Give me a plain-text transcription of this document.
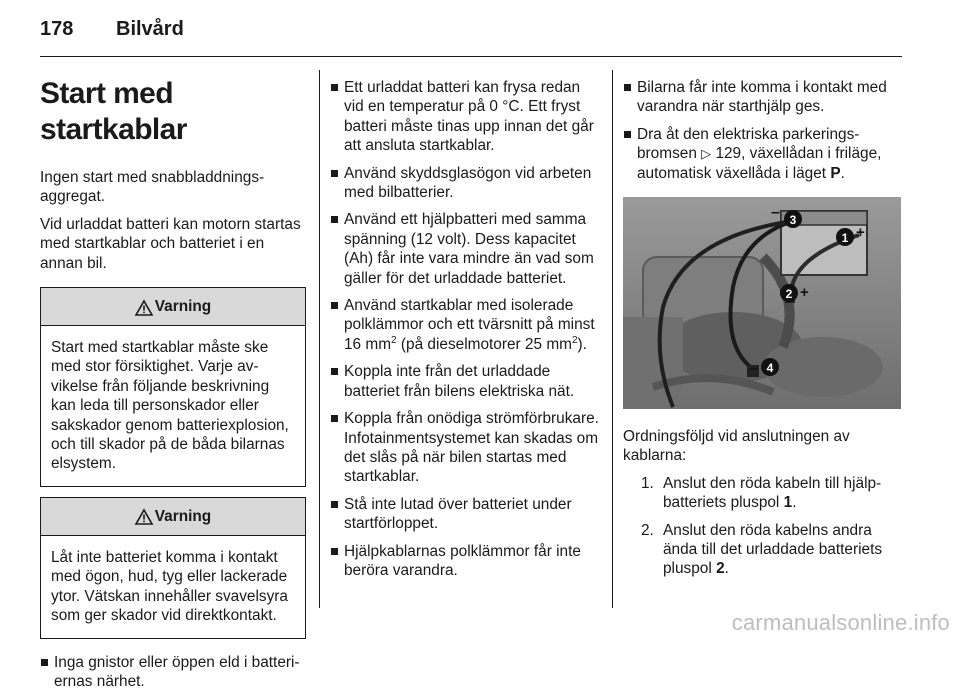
178	Bilvård
Start med startkablar
Ingen start med snabbladdningsaggregat.
Vid urladdat batteri kan motorn startas med startkablar och batteriet i en annan bil.
Varning
Start med startkablar måste ske med stor försiktighet. Varje avvikelse från följande beskrivning kan leda till personskador eller sakskador genom batteriexplosion, och till skador på de båda bilarnas elsystem.
Varning
Låt inte batteriet komma i kontakt med ögon, hud, tyg eller lackerade ytor. Vätskan innehåller svavelsyra som ger skador vid direktkontakt.
Inga gnistor eller öppen eld i batteriernas närhet.
Ett urladdat batteri kan frysa redan vid en temperatur på 0 °C. Ett fryst batteri måste tinas upp innan det går att ansluta startkablar.
Använd skyddsglasögon vid arbeten med bilbatterier.
Använd ett hjälpbatteri med samma spänning (12 volt). Dess kapacitet (Ah) får inte vara mindre än vad som gäller för det urladdade batteriet.
Använd startkablar med isolerade polklämmor och ett tvärsnitt på minst 16 $mm^2$ (på dieselmotorer 25 $mm^2$).
Koppla inte från det urladdade batteriet från bilens elektriska nät.
Koppla från onödiga strömförbrukare. Infotainmentsystemet kan skadas om det slås på när bilen startas med startkablar.
Stå inte lutad över batteriet under startförloppet.
Hjälpkablarnas polklämmor får inte beröra varandra.
Bilarna får inte komma i kontakt med varandra när starthjälp ges.
Dra åt den elektriska parkeringsbromsen ▷ 129, växellådan i friläge, automatisk växellåda i läget P.
– 3
1 +
2 +
– 4
Ordningsföljd vid anslutningen av kablarna:
1. Anslut den röda kabeln till hjälpbatteriets pluspol 1.
2. Anslut den röda kabelns andra ända till det urladdade batteriets pluspol 2.
carmanualsonline.info
